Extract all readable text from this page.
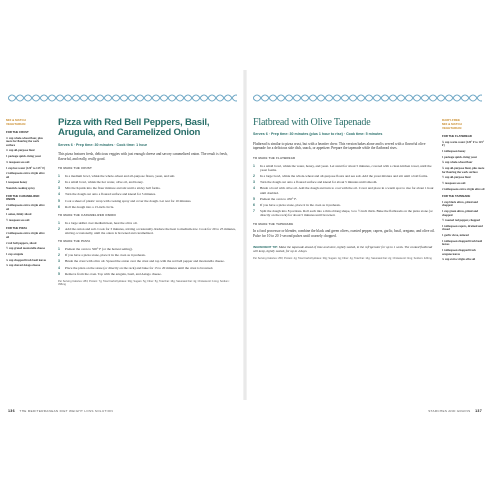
MIX & MATCH
VEGETARIAN
FOR THE CRUST
⅔ cup whole-wheat flour, plus more for flouring the work surface
⅔ cup all-purpose flour
1 package quick-rising yeast
⅛ teaspoon sea salt
1 cup hot water (120° to 125° F)
2 tablespoons extra-virgin olive oil
1 teaspoon honey
Nonstick cooking spray
FOR THE CARAMELIZED ONION
2 tablespoons extra-virgin olive oil
1 onion, thinly sliced
½ teaspoon sea salt
FOR THE PIZZA
2 tablespoons extra-virgin olive oil
2 red bell peppers, sliced
½ cup grated mozzarella cheese
1 cup arugula
¼ cup chopped fresh basil leaves
¼ cup shaved Asiago cheese
Pizza with Red Bell Peppers, Basil, Arugula, and Caramelized Onion
Serves 6 · Prep time: 30 minutes · Cook time: 1 hour
This pizza features fresh, delicious veggies with just enough cheese and savory caramelized onion. The result is fresh, flavorful, and really, really good.
TO MAKE THE CRUST
1	In a medium bowl, whisk the whole-wheat and all-purpose flours, yeast, and salt.
2	In a small bowl, whisk the hot water, olive oil, and honey.
3	Mix the liquids into the flour mixture and stir until a sticky ball forms.
4	Turn the dough out onto a floured surface and knead for 5 minutes.
5	Coat a sheet of plastic wrap with cooking spray and cover the dough. Let rest for 10 minutes.
6	Roll the dough into a 13-inch circle.
TO MAKE THE CARAMELIZED ONION
1	In a large skillet over medium heat, heat the olive oil.
2	Add the onion and salt. Cook for 3 minutes, stirring occasionally. Reduce the heat to medium-low. Cook for 20 to 25 minutes, stirring occasionally, until the onion is browned and caramelized.
TO MAKE THE PIZZA
1	Preheat the oven to 500° F (or the hottest setting).
2	If you have a pizza stone, place it in the oven as it preheats.
3	Brush the crust with olive oil. Spread the onion over the crust and top with the red bell pepper and mozzarella cheese.
4	Place the pizza on the stone (or directly on the rack) and bake for 15 to 20 minutes until the crust is browned.
5	Remove from the oven. Top with the arugula, basil, and Asiago cheese.
Per Serving Calories: 284; Protein: 7g; Total Carbohydrates: 30g; Sugars: 5g; Fiber: 5g; Total Fat: 16g; Saturated Fat: 4g; Cholesterol: 11mg; Sodium: 396mg
136 THE MEDITERRANEAN DIET WEIGHT LOSS SOLUTION
Flatbread with Olive Tapenade
Serves 6 · Prep time: 30 minutes (plus 1 hour to rise) · Cook time: 5 minutes
Flatbread is similar to pizza crust, but with a heartier chew. This version bakes alone and is served with a flavorful olive tapenade for a delicious side dish, snack, or appetizer. Prepare the tapenade while the flatbread rises.
TO MAKE THE FLATBREAD
1	In a small bowl, whisk the water, honey, and yeast. Let stand for about 5 minutes, covered with a clean kitchen towel, until the yeast foams.
2	In a large bowl, whisk the whole-wheat and all-purpose flours and sea salt. Add the yeast mixture and stir until a ball forms.
3	Turn the dough out onto a floured surface and knead for about 5 minutes until smooth.
4	Brush a bowl with olive oil. Add the dough and turn to coat with the oil. Cover and place in a warm spot to rise for about 1 hour until doubled.
5	Preheat the oven to 450° F.
6	If you have a pizza stone, place it in the oven as it preheats.
7	Split the dough into 8 portions. Roll each into a thin oblong shape, ¼ to ½ inch thick. Bake the flatbreads on the pizza stone (or directly on the rack) for about 5 minutes until browned.
TO MAKE THE TAPENADE
In a food processor or blender, combine the black and green olives, roasted pepper, capers, garlic, basil, oregano, and olive oil. Pulse for 10 to 20 1-second pulses until coarsely chopped.
INGREDIENT TIP: Make the tapenade ahead of time and store, tightly sealed, in the refrigerator for up to 1 week. The cooked flatbread will keep, tightly sealed, for up to 4 days.
Per Serving Calories: 250; Protein: 4g; Total Carbohydrates: 30g; Sugars: 4g; Fiber: 4g; Total Fat: 14g; Saturated Fat: 2g; Cholesterol: 0mg; Sodium: 420mg
DAIRY-FREE
MIX & MATCH
VEGETARIAN
FOR THE FLATBREAD
¾ cup warm water (120° F to 125° F)
1 tablespoon honey
1 package quick-rising yeast
¾ cup whole-wheat flour
¾ cup all-purpose flour, plus more for flouring the work surface
½ cup all-purpose flour
½ teaspoon sea salt
2 tablespoons extra-virgin olive oil
FOR THE TAPENADE
1 cup black olives, pitted and chopped
1 cup green olives, pitted and chopped
½ roasted red pepper, chopped
1 tablespoon capers, drained and rinsed
1 garlic clove, minced
1 tablespoon chopped fresh basil leaves
1 tablespoon chopped fresh oregano leaves
¼ cup extra-virgin olive oil
STARCHES AND GRAINS 137
